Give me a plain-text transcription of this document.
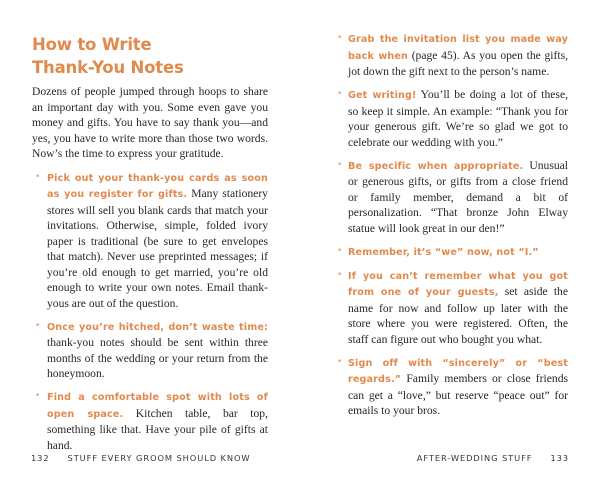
How to Write
Thank-You Notes

Dozens of people jumped through hoops to share an important day with you. Some even gave you money and gifts. You have to say thank you—and yes, you have to write more than those two words. Now’s the time to express your gratitude.

• Pick out your thank-you cards as soon as you register for gifts. Many stationery stores will sell you blank cards that match your invitations. Otherwise, simple, folded ivory paper is traditional (be sure to get envelopes that match). Never use preprinted messages; if you’re old enough to get married, you’re old enough to write your own notes. Email thank-yous are out of the question.
• Once you’re hitched, don’t waste time: thank-you notes should be sent within three months of the wedding or your return from the honeymoon.
• Find a comfortable spot with lots of open space. Kitchen table, bar top, something like that. Have your pile of gifts at hand.
132 STUFF EVERY GROOM SHOULD KNOW
• Grab the invitation list you made way back when (page 45). As you open the gifts, jot down the gift next to the person’s name.
• Get writing! You’ll be doing a lot of these, so keep it simple. An example: “Thank you for your generous gift. We’re so glad we got to celebrate our wedding with you.”
• Be specific when appropriate. Unusual or generous gifts, or gifts from a close friend or family member, demand a bit of personalization. “That bronze John Elway statue will look great in our den!”
• Remember, it’s “we” now, not “I.”
• If you can’t remember what you got from one of your guests, set aside the name for now and follow up later with the store where you were registered. Often, the staff can figure out who bought you what.
• Sign off with “sincerely” or “best regards.” Family members or close friends can get a “love,” but reserve “peace out” for emails to your bros.
AFTER-WEDDING STUFF 133
